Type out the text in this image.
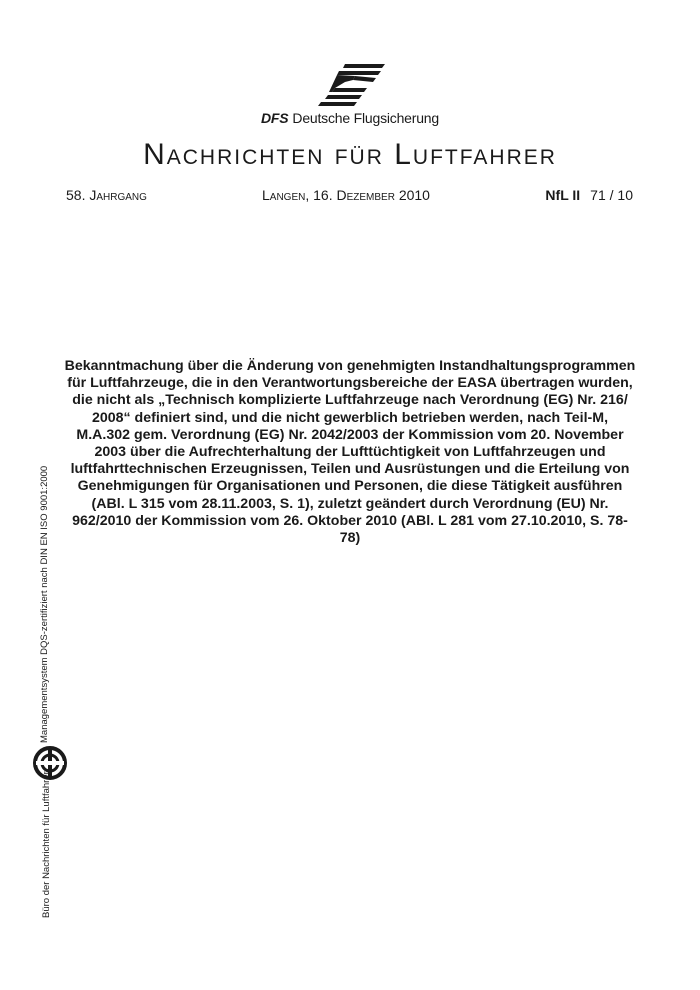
DFS Deutsche Flugsicherung
Nachrichten für Luftfahrer
58. Jahrgang	Langen, 16. Dezember 2010	NfL II 71 / 10
Bekanntmachung über die Änderung von genehmigten Instandhaltungsprogrammen für Luftfahrzeuge, die in den Verantwortungsbereiche der EASA übertragen wurden, die nicht als „Technisch komplizierte Luftfahrzeuge nach Verordnung (EG) Nr. 216/ 2008“ definiert sind, und die nicht gewerblich betrieben werden, nach Teil-M, M.A.302 gem. Verordnung (EG) Nr. 2042/2003 der Kommission vom 20. November 2003 über die Aufrechterhaltung der Lufttüchtigkeit von Luftfahrzeugen und luftfahrttechnischen Erzeugnissen, Teilen und Ausrüstungen und die Erteilung von Genehmigungen für Organisationen und Personen, die diese Tätigkeit ausführen (ABl. L 315 vom 28.11.2003, S. 1), zuletzt geändert durch Verordnung (EU) Nr. 962/2010 der Kommission vom 26. Oktober 2010 (ABl. L 281 vom 27.10.2010, S. 78-78)
Managementsystem DQS-zertifiziert nach DIN EN ISO 9001:2000
Büro der Nachrichten für Luftfahrer
